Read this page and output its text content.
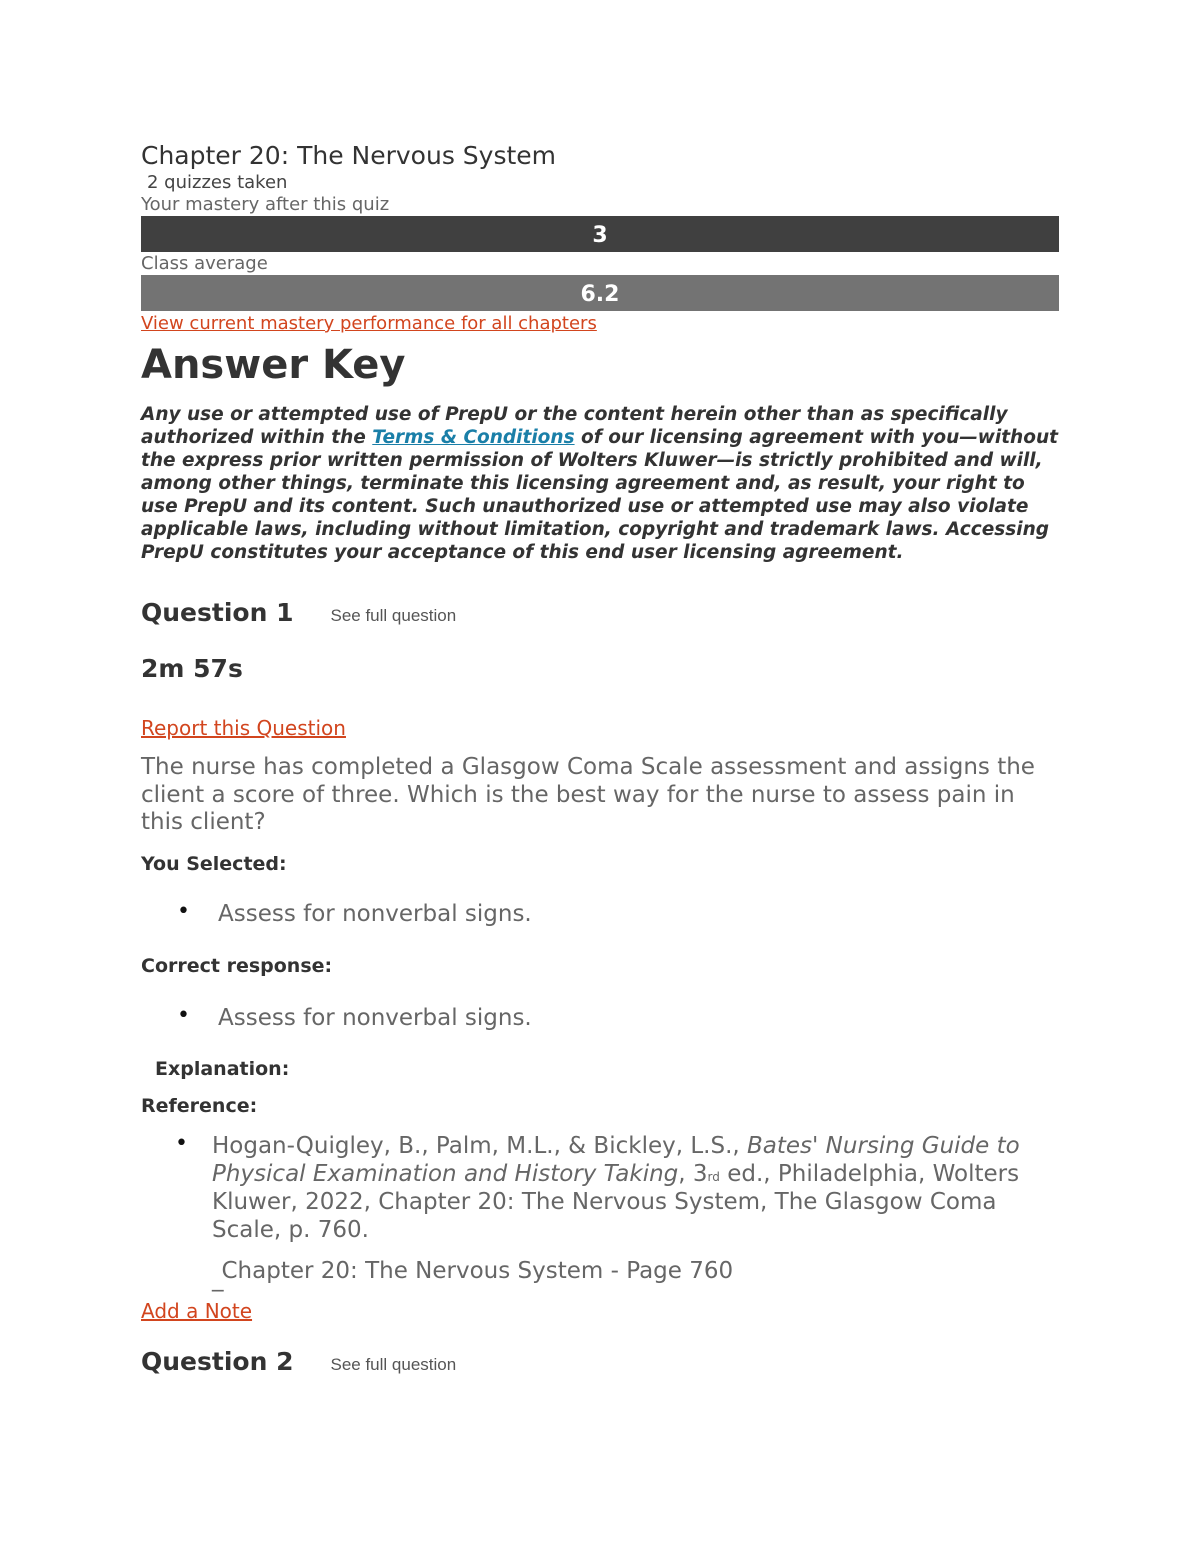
Chapter 20: The Nervous System

2 quizzes taken

Your mastery after this quiz

3

Class average

6.2
View current mastery performance for all chapters
Answer Key

Any use or attempted use of PrepU or the content herein other than as specifically authorized within the Terms & Conditions of our licensing agreement with you—without the express prior written permission of Wolters Kluwer—is strictly prohibited and will, among other things, terminate this licensing agreement and, as result, your right to use PrepU and its content. Such unauthorized use or attempted use may also violate applicable laws, including without limitation, copyright and trademark laws. Accessing PrepU constitutes your acceptance of this end user licensing agreement.

Question 1 See full question
2m 57s
Report this Question
The nurse has completed a Glasgow Coma Scale assessment and assigns the client a score of three. Which is the best way for the nurse to assess pain in this client?
You Selected:
• Assess for nonverbal signs.
Correct response:
• Assess for nonverbal signs.
Explanation:
Reference:
• Hogan-Quigley, B., Palm, M.L., & Bickley, L.S., Bates' Nursing Guide to Physical Examination and History Taking, 3rd ed., Philadelphia, Wolters Kluwer, 2022, Chapter 20: The Nervous System, The Glasgow Coma Scale, p. 760.
_Chapter 20: The Nervous System - Page 760
Add a Note
Question 2 See full question
